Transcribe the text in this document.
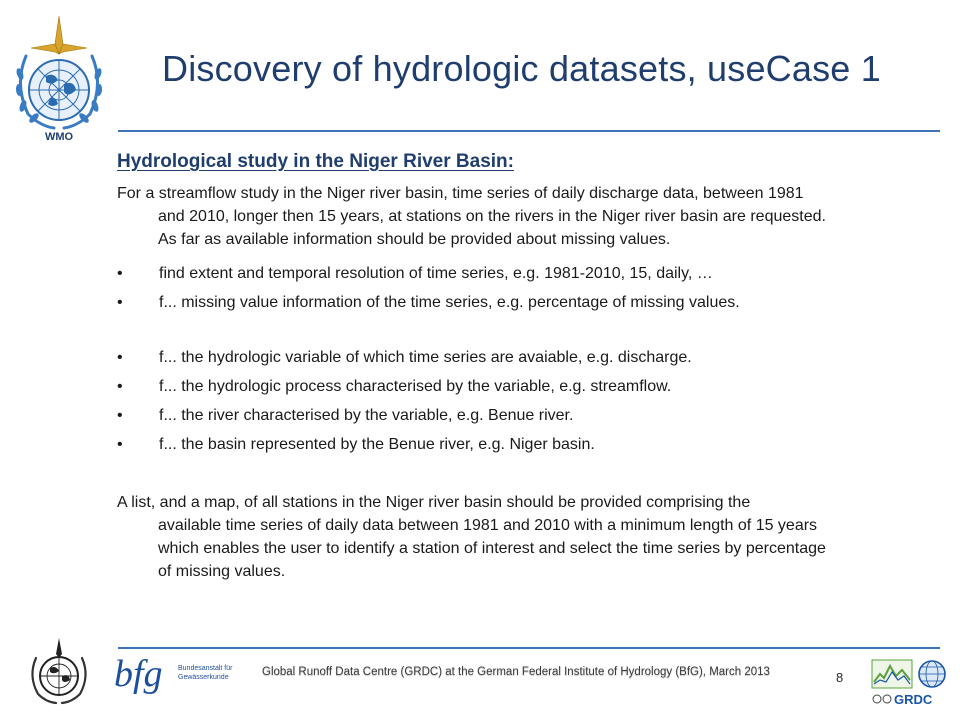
WMO
Discovery of hydrologic datasets, useCase 1
Hydrological study in the Niger River Basin:
For a streamflow study in the Niger river basin, time series of daily discharge data, between 1981
and 2010, longer then 15 years, at stations on the rivers in the Niger river basin are requested.
As far as available information should be provided about missing values.
• find extent and temporal resolution of time series, e.g. 1981-2010, 15, daily, …
• f... missing value information of the time series, e.g. percentage of missing values.
• f... the hydrologic variable of which time series are avaiable, e.g. discharge.
• f... the hydrologic process characterised by the variable, e.g. streamflow.
• f... the river characterised by the variable, e.g. Benue river.
• f... the basin represented by the Benue river, e.g. Niger basin.
A list, and a map, of all stations in the Niger river basin should be provided comprising the
available time series of daily data between 1981 and 2010 with a minimum length of 15 years
which enables the user to identify a station of interest and select the time series by percentage
of missing values.
bfg Bundesanstalt für
Gewässerkunde	Global Runoff Data Centre (GRDC) at the German Federal Institute of Hydrology (BfG), March 2013	8
GRDC
